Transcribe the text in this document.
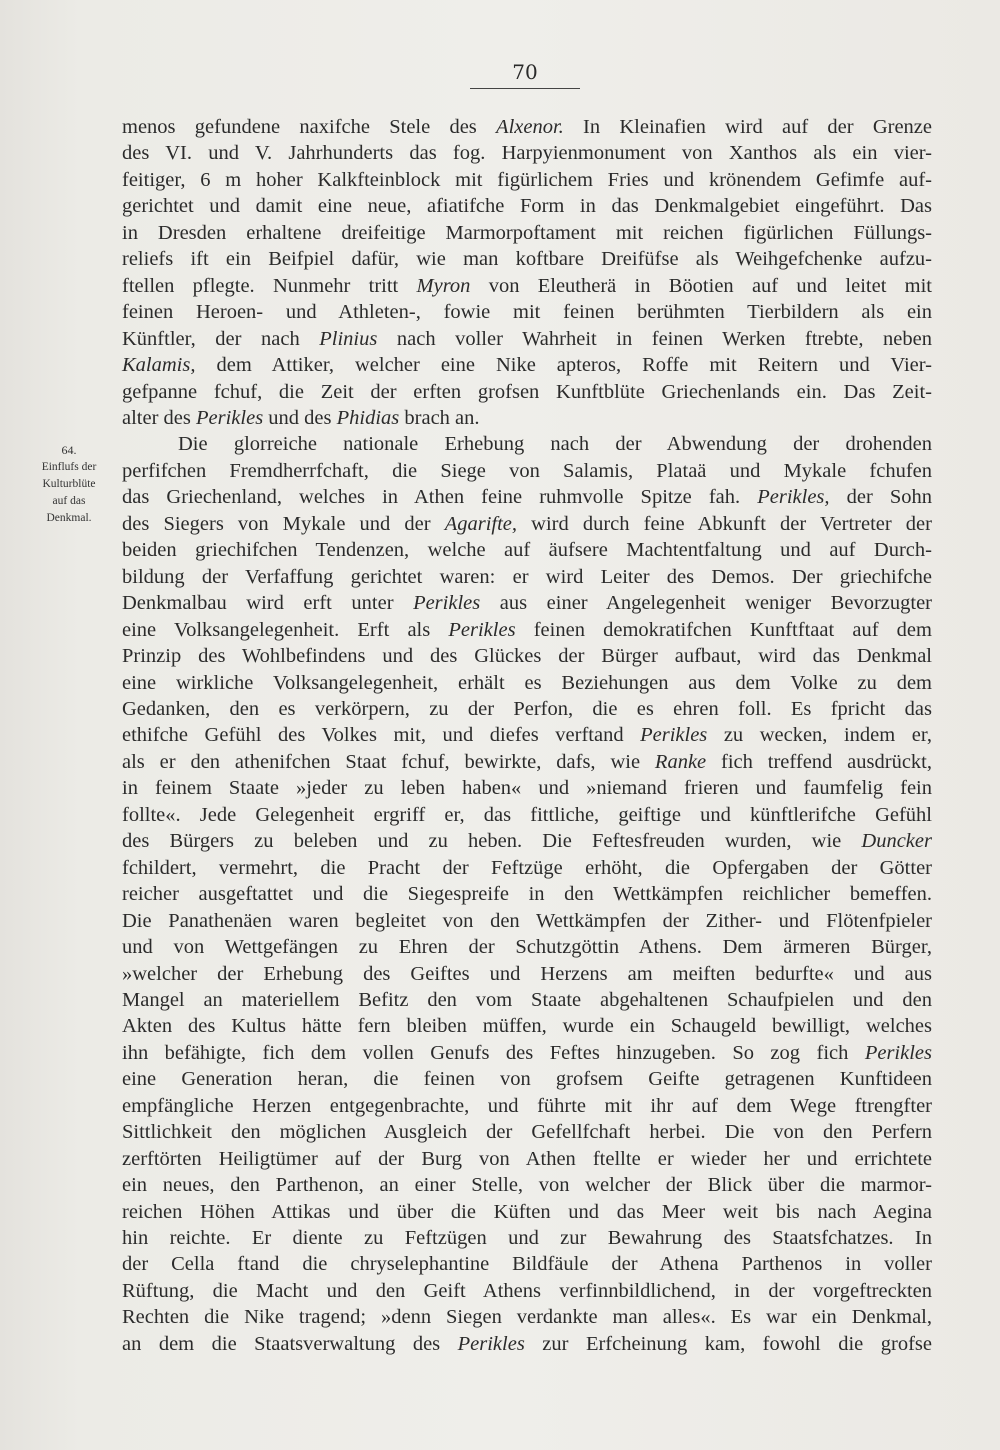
70
64.
Einflufs der
Kulturblüte
auf das
Denkmal.
menos gefundene naxifche Stele des Alxenor. In Kleinafien wird auf der Grenze
des VI. und V. Jahrhunderts das fog. Harpyienmonument von Xanthos als ein vier-
feitiger, 6 m hoher Kalkfteinblock mit figürlichem Fries und krönendem Gefimfe auf-
gerichtet und damit eine neue, afiatifche Form in das Denkmalgebiet eingeführt. Das
in Dresden erhaltene dreifeitige Marmorpoftament mit reichen figürlichen Füllungs-
reliefs ift ein Beifpiel dafür, wie man koftbare Dreifüfse als Weihgefchenke aufzu-
ftellen pflegte. Nunmehr tritt Myron von Eleutherä in Böotien auf und leitet mit
feinen Heroen- und Athleten-, fowie mit feinen berühmten Tierbildern als ein
Künftler, der nach Plinius nach voller Wahrheit in feinen Werken ftrebte, neben
Kalamis, dem Attiker, welcher eine Nike apteros, Roffe mit Reitern und Vier-
gefpanne fchuf, die Zeit der erften grofsen Kunftblüte Griechenlands ein. Das Zeit-
alter des Perikles und des Phidias brach an.
Die glorreiche nationale Erhebung nach der Abwendung der drohenden
perfifchen Fremdherrfchaft, die Siege von Salamis, Plataä und Mykale fchufen
das Griechenland, welches in Athen feine ruhmvolle Spitze fah. Perikles, der Sohn
des Siegers von Mykale und der Agarifte, wird durch feine Abkunft der Vertreter der
beiden griechifchen Tendenzen, welche auf äufsere Machtentfaltung und auf Durch-
bildung der Verfaffung gerichtet waren: er wird Leiter des Demos. Der griechifche
Denkmalbau wird erft unter Perikles aus einer Angelegenheit weniger Bevorzugter
eine Volksangelegenheit. Erft als Perikles feinen demokratifchen Kunftftaat auf dem
Prinzip des Wohlbefindens und des Glückes der Bürger aufbaut, wird das Denkmal
eine wirkliche Volksangelegenheit, erhält es Beziehungen aus dem Volke zu dem
Gedanken, den es verkörpern, zu der Perfon, die es ehren foll. Es fpricht das
ethifche Gefühl des Volkes mit, und diefes verftand Perikles zu wecken, indem er,
als er den athenifchen Staat fchuf, bewirkte, dafs, wie Ranke fich treffend ausdrückt,
in feinem Staate »jeder zu leben haben« und »niemand frieren und faumfelig fein
follte«. Jede Gelegenheit ergriff er, das fittliche, geiftige und künftlerifche Gefühl
des Bürgers zu beleben und zu heben. Die Feftesfreuden wurden, wie Duncker
fchildert, vermehrt, die Pracht der Feftzüge erhöht, die Opfergaben der Götter
reicher ausgeftattet und die Siegespreife in den Wettkämpfen reichlicher bemeffen.
Die Panathenäen waren begleitet von den Wettkämpfen der Zither- und Flötenfpieler
und von Wettgefängen zu Ehren der Schutzgöttin Athens. Dem ärmeren Bürger,
»welcher der Erhebung des Geiftes und Herzens am meiften bedurfte« und aus
Mangel an materiellem Befitz den vom Staate abgehaltenen Schaufpielen und den
Akten des Kultus hätte fern bleiben müffen, wurde ein Schaugeld bewilligt, welches
ihn befähigte, fich dem vollen Genufs des Feftes hinzugeben. So zog fich Perikles
eine Generation heran, die feinen von grofsem Geifte getragenen Kunftideen
empfängliche Herzen entgegenbrachte, und führte mit ihr auf dem Wege ftrengfter
Sittlichkeit den möglichen Ausgleich der Gefellfchaft herbei. Die von den Perfern
zerftörten Heiligtümer auf der Burg von Athen ftellte er wieder her und errichtete
ein neues, den Parthenon, an einer Stelle, von welcher der Blick über die marmor-
reichen Höhen Attikas und über die Küften und das Meer weit bis nach Aegina
hin reichte. Er diente zu Feftzügen und zur Bewahrung des Staatsfchatzes. In
der Cella ftand die chryselephantine Bildfäule der Athena Parthenos in voller
Rüftung, die Macht und den Geift Athens verfinnbildlichend, in der vorgeftreckten
Rechten die Nike tragend; »denn Siegen verdankte man alles«. Es war ein Denkmal,
an dem die Staatsverwaltung des Perikles zur Erfcheinung kam, fowohl die grofse
